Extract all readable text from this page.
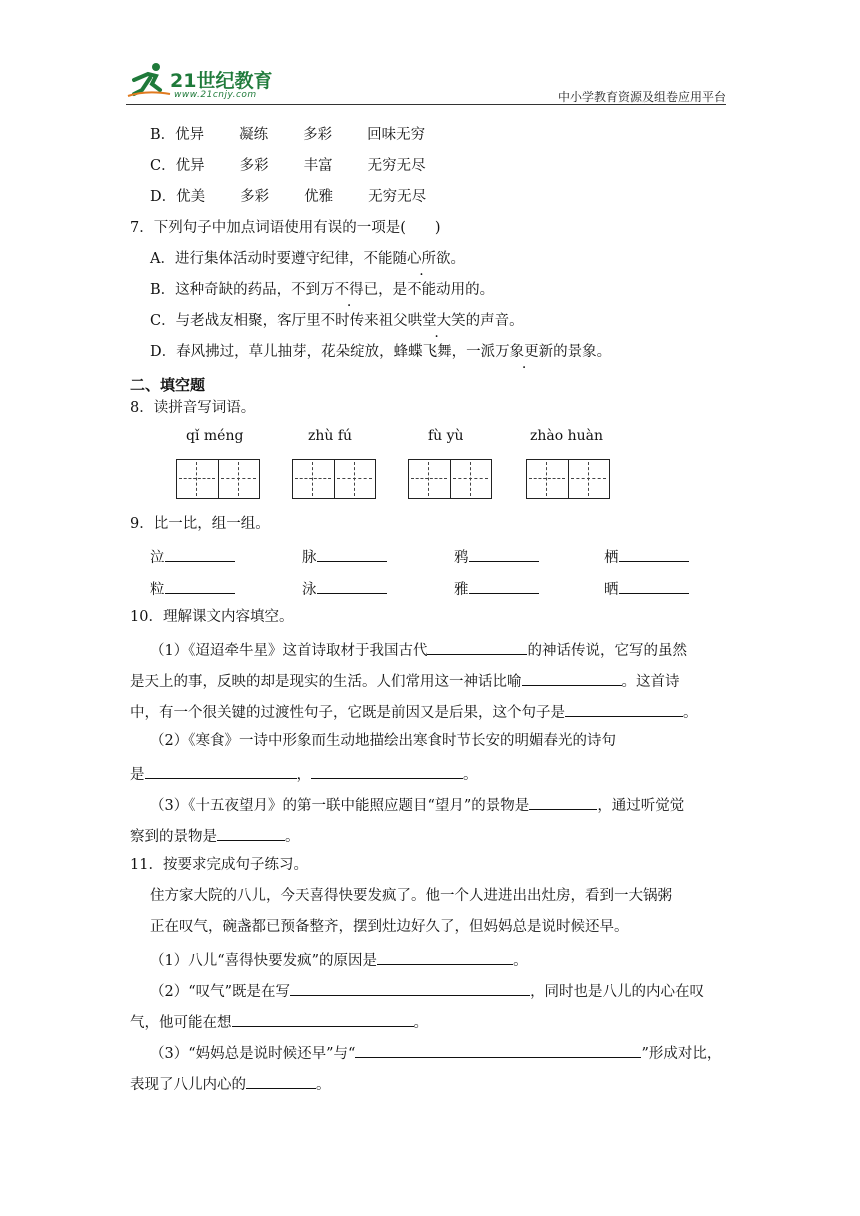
21世纪教育
www.21cnjy.com	中小学教育资源及组卷应用平台
B．优异 凝练 多彩 回味无穷
C．优异 多彩 丰富 无穷无尽
D．优美 多彩 优雅 无穷无尽
7．下列句子中加点词语使用有误的一项是(　　)
A．进行集体活动时要遵守纪律，不能随心所欲。
B．这种奇缺的药品，不到万不得已，是不能动用的。
C．与老战友相聚，客厅里不时传来祖父哄堂大笑的声音。
D．春风拂过，草儿抽芽，花朵绽放，蜂蝶飞舞，一派万象更新的景象。
二、填空题
8．读拼音写词语。
qǐ méng	zhù fú	fù yù	zhào huàn
9．比一比，组一组。
泣	脉	鸦	栖
粒	泳	雅	晒
10．理解课文内容填空。
（1）《迢迢牵牛星》这首诗取材于我国古代	的神话传说，它写的虽然
是天上的事，反映的却是现实的生活。人们常用这一神话比喻	。这首诗
中，有一个很关键的过渡性句子，它既是前因又是后果，这个句子是	。
（2）《寒食》一诗中形象而生动地描绘出寒食时节长安的明媚春光的诗句
是	，	。
（3）《十五夜望月》的第一联中能照应题目“望月”的景物是	，通过听觉觉
察到的景物是	。
11．按要求完成句子练习。
住方家大院的八儿，今天喜得快要发疯了。他一个人进进出出灶房，看到一大锅粥
正在叹气，碗盏都已预备整齐，摆到灶边好久了，但妈妈总是说时候还早。
（1）八儿“喜得快要发疯”的原因是	。
（2）“叹气”既是在写	，同时也是八儿的内心在叹
气，他可能在想	。
（3）“妈妈总是说时候还早”与“	”形成对比，
表现了八儿内心的	。
